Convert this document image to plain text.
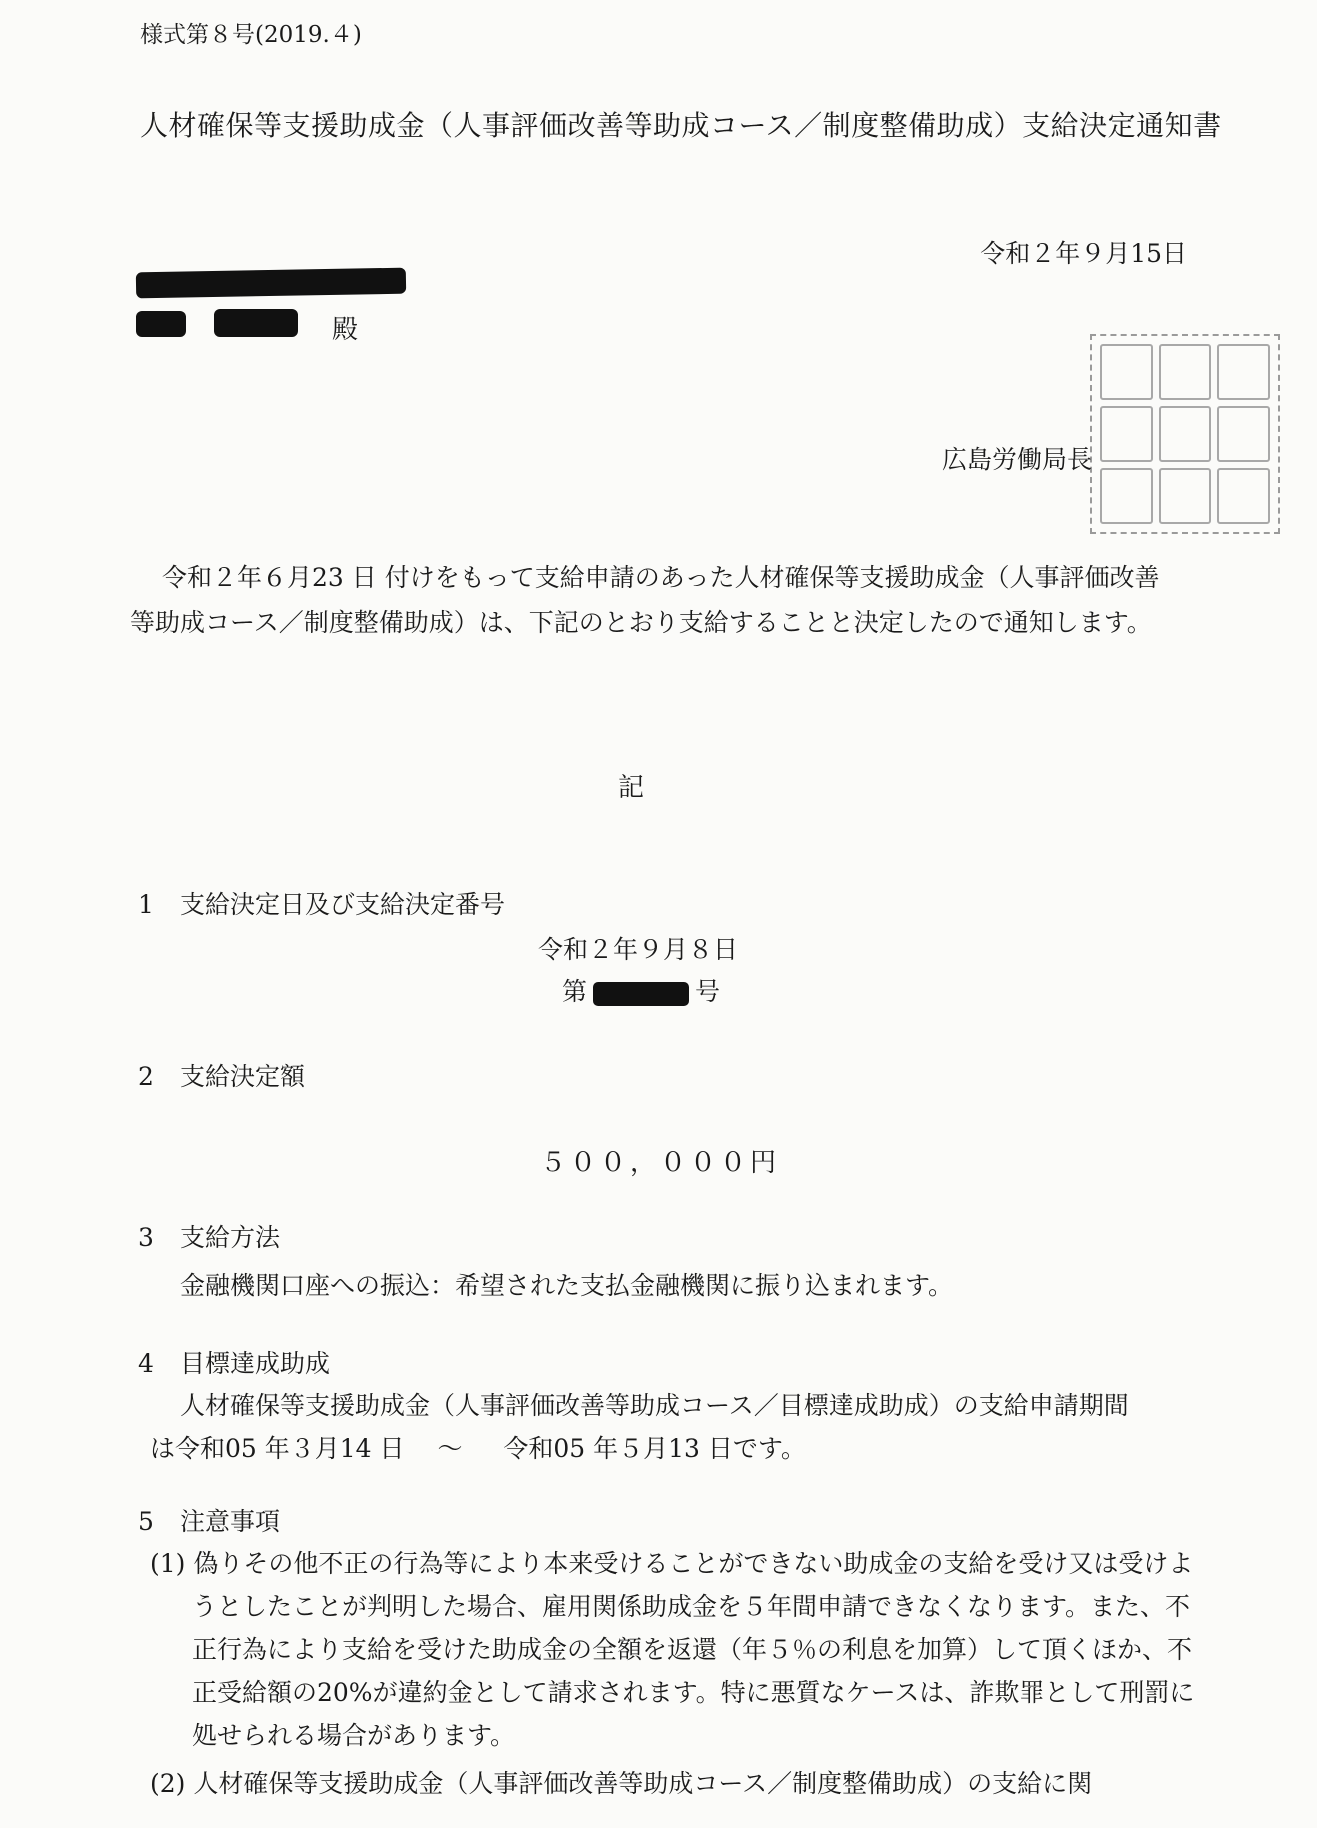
様式第８号(2019.４)
人材確保等支援助成金（人事評価改善等助成コース／制度整備助成）支給決定通知書
令和２年９月15日
殿
広島労働局長
令和２年６月23 日 付けをもって支給申請のあった人材確保等支援助成金（人事評価改善等助成コース／制度整備助成）は、下記のとおり支給することと決定したので通知します。
記
1 支給決定日及び支給決定番号
令和２年９月８日
第	号
2 支給決定額
５００，０００円
3 支給方法
金融機関口座への振込：希望された支払金融機関に振り込まれます。
4 目標達成助成
人材確保等支援助成金（人事評価改善等助成コース／目標達成助成）の支給申請期間は令和05 年３月14 日　 ～ 　 令和05 年５月13 日です。
5 注意事項
(1) 偽りその他不正の行為等により本来受けることができない助成金の支給を受け又は受けようとしたことが判明した場合、雇用関係助成金を５年間申請できなくなります。また、不正行為により支給を受けた助成金の全額を返還（年５％の利息を加算）して頂くほか、不正受給額の20%が違約金として請求されます。特に悪質なケースは、詐欺罪として刑罰に処せられる場合があります。
(2) 人材確保等支援助成金（人事評価改善等助成コース／制度整備助成）の支給に関
